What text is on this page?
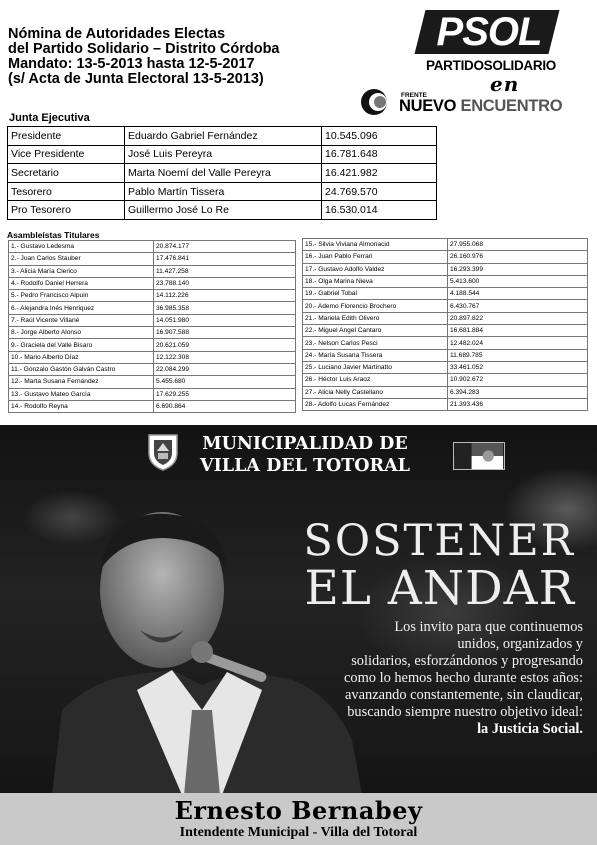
Nómina de Autoridades Electas
del Partido Solidario – Distrito Córdoba
Mandato: 13-5-2013 hasta 12-5-2017
(s/ Acta de Junta Electoral 13-5-2013)
PSOL
PARTIDOSOLIDARIO
en
FRENTE
NUEVO ENCUENTRO
Junta Ejecutiva
Presidente	Eduardo Gabriel Fernández	10.545.096
Vice Presidente	José Luis Pereyra	16.781.648
Secretario	Marta Noemí del Valle Pereyra	16.421.982
Tesorero	Pablo Martín Tissera	24.769.570
Pro Tesorero	Guillermo José Lo Re	16.530.014
Asambleístas Titulares
1.- Gustavo Ledesma	20.874.177
2.- Juan Carlos Stauber	17.476.841
3.- Alicia María Clerico	11.427.258
4.- Rodolfo Daniel Herrera	23.788.140
5.- Pedro Francisco Alpuin	14.112.226
6.- Alejandra Inés Henriquez	36.985.358
7.- Raúl Vicente Villané	14.051.980
8.- Jorge Alberto Alonso	16.907.588
9.- Graciela del Valle Bisaro	20.621.059
10.- Mario Alberto Díaz	12.122.308
11.- Gonzalo Gastón Galván Castro	22.084.299
12.- Marta Susana Fernández	5.455.680
13.- Gustavo Mateo García	17.629.255
14.- Rodolfo Reyna	6.690.864
15.- Silvia Viviana Almonacid	27.955.068
16.- Juan Pablo Ferrari	26.160.976
17.- Gustavo Adolfo Valdez	16.293.399
18.- Olga Marina Nieva	5.413.600
19.- Gabriel Tobal	4.188.544
20.- Ademo Florencio Brochero	6.430.767
21.- Mariela Edith Olivero	20.897.822
22.- Miguel Angel Cantaro	16.681.884
23.- Nelson Carlos Pesci	12.482.024
24.- María Susana Tissera	11.689.785
25.- Luciano Javier Martinatto	33.461.052
26.- Héctor Luis Araoz	10.902.672
27.- Alicia Nelly Castellano	6.394.283
28.- Adolfo Lucas Fernández	21.393.436
MUNICIPALIDAD DE
VILLA DEL TOTORAL
SOSTENER
EL ANDAR
Los invito para que continuemos
unidos, organizados y
solidarios, esforzándonos y progresando
como lo hemos hecho durante estos años:
avanzando constantemente, sin claudicar,
buscando siempre nuestro objetivo ideal:
la Justicia Social.
Ernesto Bernabey
Intendente Municipal - Villa del Totoral
